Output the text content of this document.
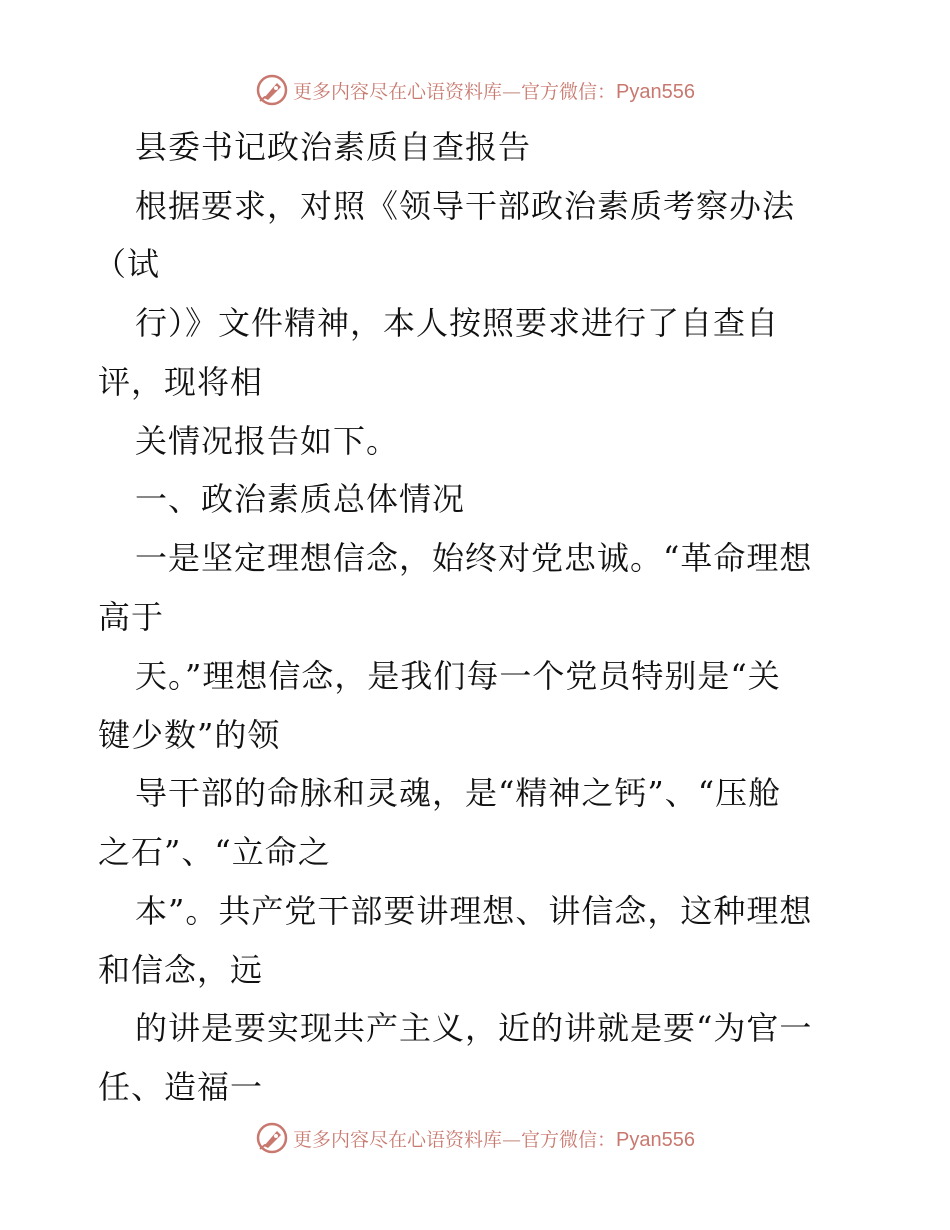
更多内容尽在心语资料库—官方微信：Pyan556
县委书记政治素质自查报告
根据要求，对照《领导干部政治素质考察办法
（试
行）》文件精神，本人按照要求进行了自查自
评，现将相
关情况报告如下。
一、政治素质总体情况
一是坚定理想信念，始终对党忠诚。“革命理想
高于
天。”理想信念，是我们每一个党员特别是“关
键少数”的领
导干部的命脉和灵魂，是“精神之钙”、“压舱
之石”、“立命之
本”。共产党干部要讲理想、讲信念，这种理想
和信念，远
的讲是要实现共产主义，近的讲就是要“为官一
任、造福一
更多内容尽在心语资料库—官方微信：Pyan556
